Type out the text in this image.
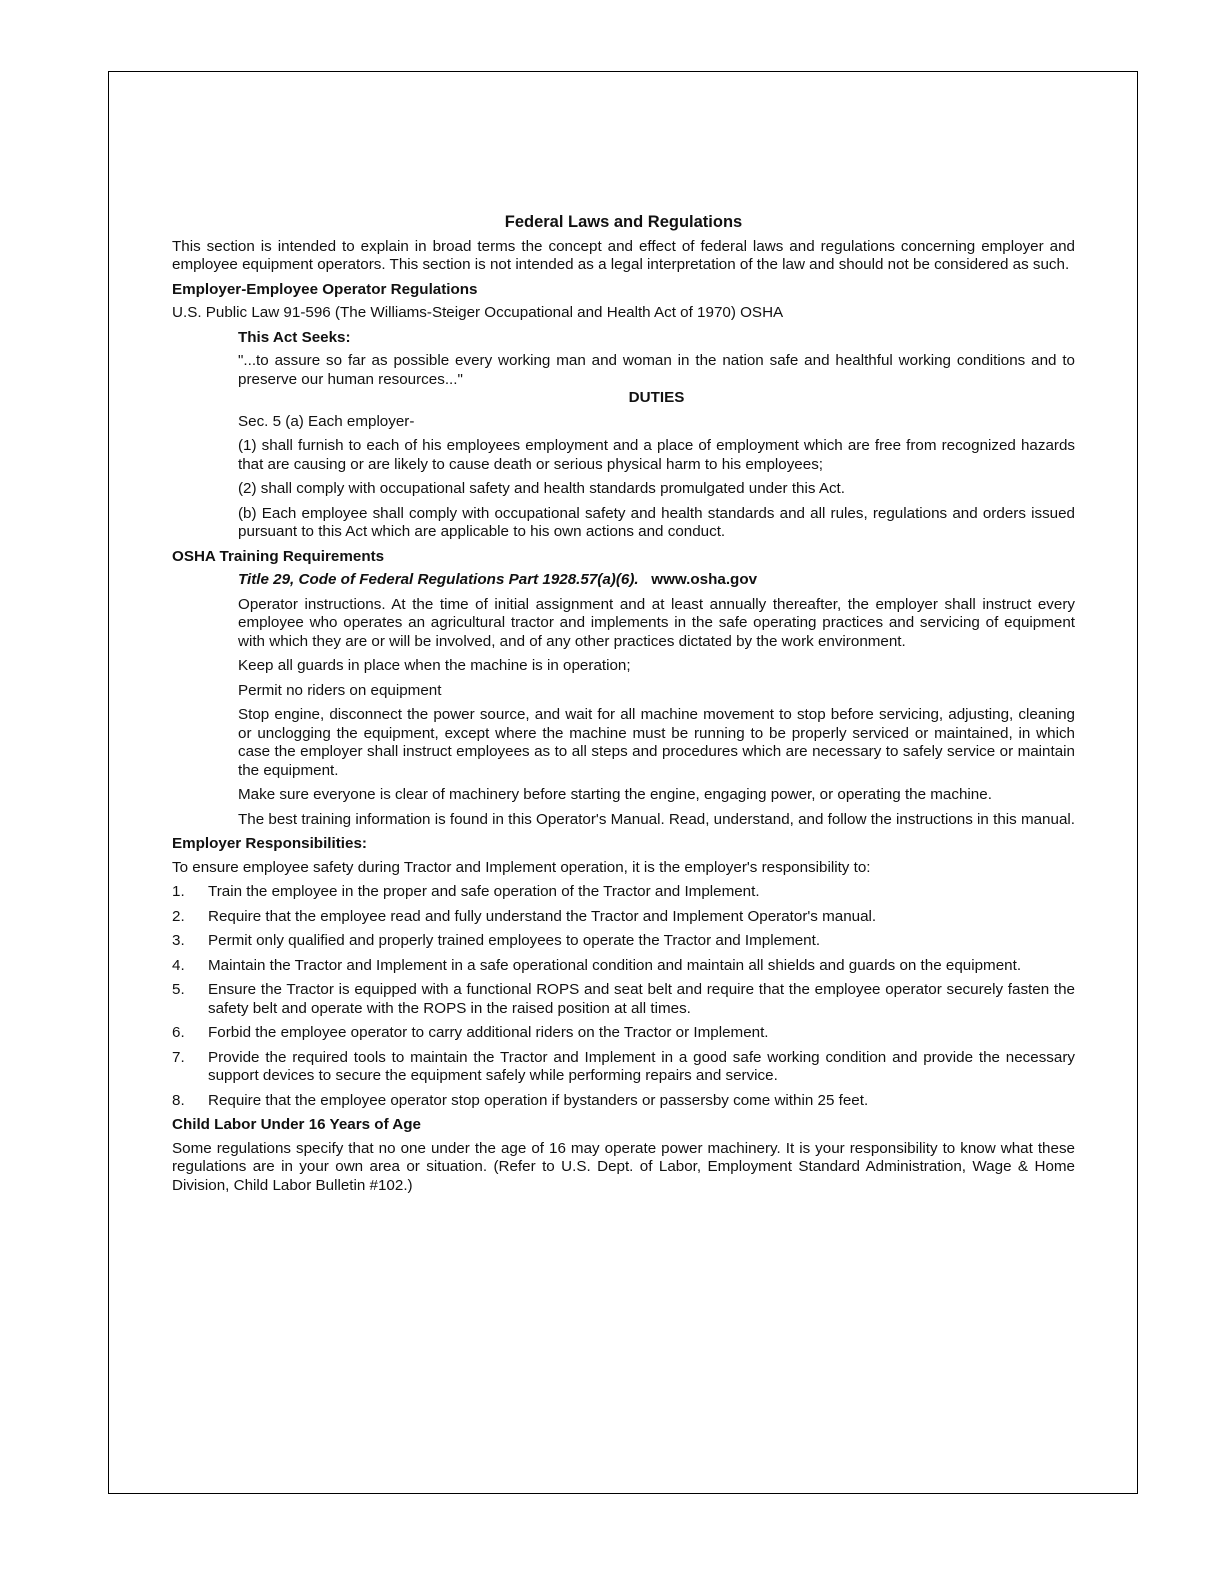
Federal Laws and Regulations

This section is intended to explain in broad terms the concept and effect of federal laws and regulations concerning employer and employee equipment operators. This section is not intended as a legal interpretation of the law and should not be considered as such.

Employer-Employee Operator Regulations

U.S. Public Law 91-596 (The Williams-Steiger Occupational and Health Act of 1970) OSHA

This Act Seeks:

"...to assure so far as possible every working man and woman in the nation safe and healthful working conditions and to preserve our human resources..."

DUTIES

Sec. 5 (a) Each employer-

(1) shall furnish to each of his employees employment and a place of employment which are free from recognized hazards that are causing or are likely to cause death or serious physical harm to his employees;

(2) shall comply with occupational safety and health standards promulgated under this Act.

(b) Each employee shall comply with occupational safety and health standards and all rules, regulations and orders issued pursuant to this Act which are applicable to his own actions and conduct.

OSHA Training Requirements

Title 29, Code of Federal Regulations Part 1928.57(a)(6). www.osha.gov

Operator instructions. At the time of initial assignment and at least annually thereafter, the employer shall instruct every employee who operates an agricultural tractor and implements in the safe operating practices and servicing of equipment with which they are or will be involved, and of any other practices dictated by the work environment.

Keep all guards in place when the machine is in operation;

Permit no riders on equipment

Stop engine, disconnect the power source, and wait for all machine movement to stop before servicing, adjusting, cleaning or unclogging the equipment, except where the machine must be running to be properly serviced or maintained, in which case the employer shall instruct employees as to all steps and procedures which are necessary to safely service or maintain the equipment.

Make sure everyone is clear of machinery before starting the engine, engaging power, or operating the machine.

The best training information is found in this Operator's Manual. Read, understand, and follow the instructions in this manual.

Employer Responsibilities:

To ensure employee safety during Tractor and Implement operation, it is the employer's responsibility to:

1.	Train the employee in the proper and safe operation of the Tractor and Implement.
2.	Require that the employee read and fully understand the Tractor and Implement Operator's manual.
3.	Permit only qualified and properly trained employees to operate the Tractor and Implement.
4.	Maintain the Tractor and Implement in a safe operational condition and maintain all shields and guards on the equipment.
5.	Ensure the Tractor is equipped with a functional ROPS and seat belt and require that the employee operator securely fasten the safety belt and operate with the ROPS in the raised position at all times.
6.	Forbid the employee operator to carry additional riders on the Tractor or Implement.
7.	Provide the required tools to maintain the Tractor and Implement in a good safe working condition and provide the necessary support devices to secure the equipment safely while performing repairs and service.
8.	Require that the employee operator stop operation if bystanders or passersby come within 25 feet.
Child Labor Under 16 Years of Age

Some regulations specify that no one under the age of 16 may operate power machinery. It is your responsibility to know what these regulations are in your own area or situation. (Refer to U.S. Dept. of Labor, Employment Standard Administration, Wage & Home Division, Child Labor Bulletin #102.)
